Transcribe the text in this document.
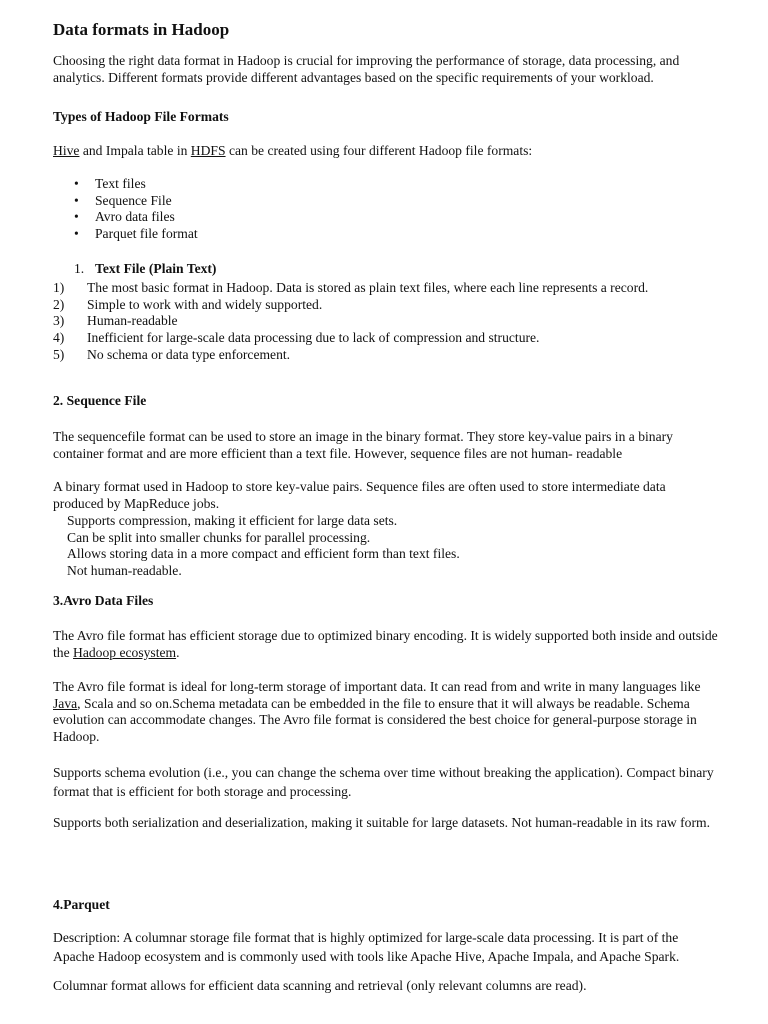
Data formats in Hadoop

Choosing the right data format in Hadoop is crucial for improving the performance of storage, data processing, and analytics. Different formats provide different advantages based on the specific requirements of your workload.

Types of Hadoop File Formats

Hive and Impala table in HDFS can be created using four different Hadoop file formats:

• Text files
• Sequence File
• Avro data files
• Parquet file format
1. Text File (Plain Text)
1) The most basic format in Hadoop. Data is stored as plain text files, where each line represents a record.
2) Simple to work with and widely supported.
3) Human-readable
4) Inefficient for large-scale data processing due to lack of compression and structure.
5) No schema or data type enforcement.
2. Sequence File

The sequencefile format can be used to store an image in the binary format. They store key-value pairs in a binary container format and are more efficient than a text file. However, sequence files are not human- readable

A binary format used in Hadoop to store key-value pairs. Sequence files are often used to store intermediate data produced by MapReduce jobs.

Supports compression, making it efficient for large data sets.
Can be split into smaller chunks for parallel processing.
Allows storing data in a more compact and efficient form than text files.
Not human-readable.
3.Avro Data Files

The Avro file format has efficient storage due to optimized binary encoding. It is widely supported both inside and outside the Hadoop ecosystem.

The Avro file format is ideal for long-term storage of important data. It can read from and write in many languages like Java, Scala and so on.Schema metadata can be embedded in the file to ensure that it will always be readable. Schema evolution can accommodate changes. The Avro file format is considered the best choice for general-purpose storage in Hadoop.

Supports schema evolution (i.e., you can change the schema over time without breaking the application). Compact binary format that is efficient for both storage and processing.

Supports both serialization and deserialization, making it suitable for large datasets. Not human-readable in its raw form.

4.Parquet

Description: A columnar storage file format that is highly optimized for large-scale data processing. It is part of the Apache Hadoop ecosystem and is commonly used with tools like Apache Hive, Apache Impala, and Apache Spark.

Columnar format allows for efficient data scanning and retrieval (only relevant columns are read).
